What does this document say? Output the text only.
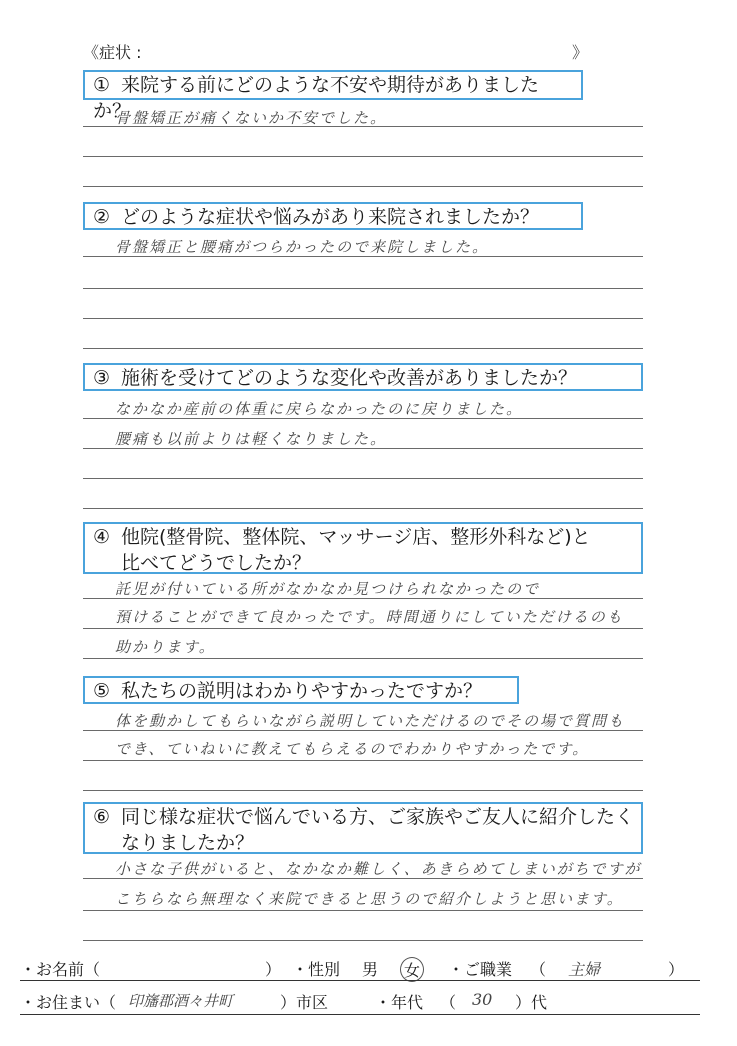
《症状 :	》
① 来院する前にどのような不安や期待がありましたか？
骨盤矯正が痛くないか不安でした。
② どのような症状や悩みがあり来院されましたか？
骨盤矯正と腰痛がつらかったので来院しました。
③ 施術を受けてどのような変化や改善がありましたか？
なかなか産前の体重に戻らなかったのに戻りました。
腰痛も以前よりは軽くなりました。
④ 他院(整骨院、整体院、マッサージ店、整形外科など)と
比べてどうでしたか？
託児が付いている所がなかなか見つけられなかったので
預けることができて良かったです。時間通りにしていただけるのも
助かります。
⑤ 私たちの説明はわかりやすかったですか？
体を動かしてもらいながら説明していただけるのでその場で質問も
でき、ていねいに教えてもらえるのでわかりやすかったです。
⑥ 同じ様な症状で悩んでいる方、ご家族やご友人に紹介したく
なりましたか？
小さな子供がいると、なかなか難しく、あきらめてしまいがちですが
こちらなら無理なく来院できると思うので紹介しようと思います。
・お名前（	） ・性別 男 女 ・ご職業 （ 主婦	）
・お住まい（ 印旛郡酒々井町	）市区	・年代 （ 30 ）代
